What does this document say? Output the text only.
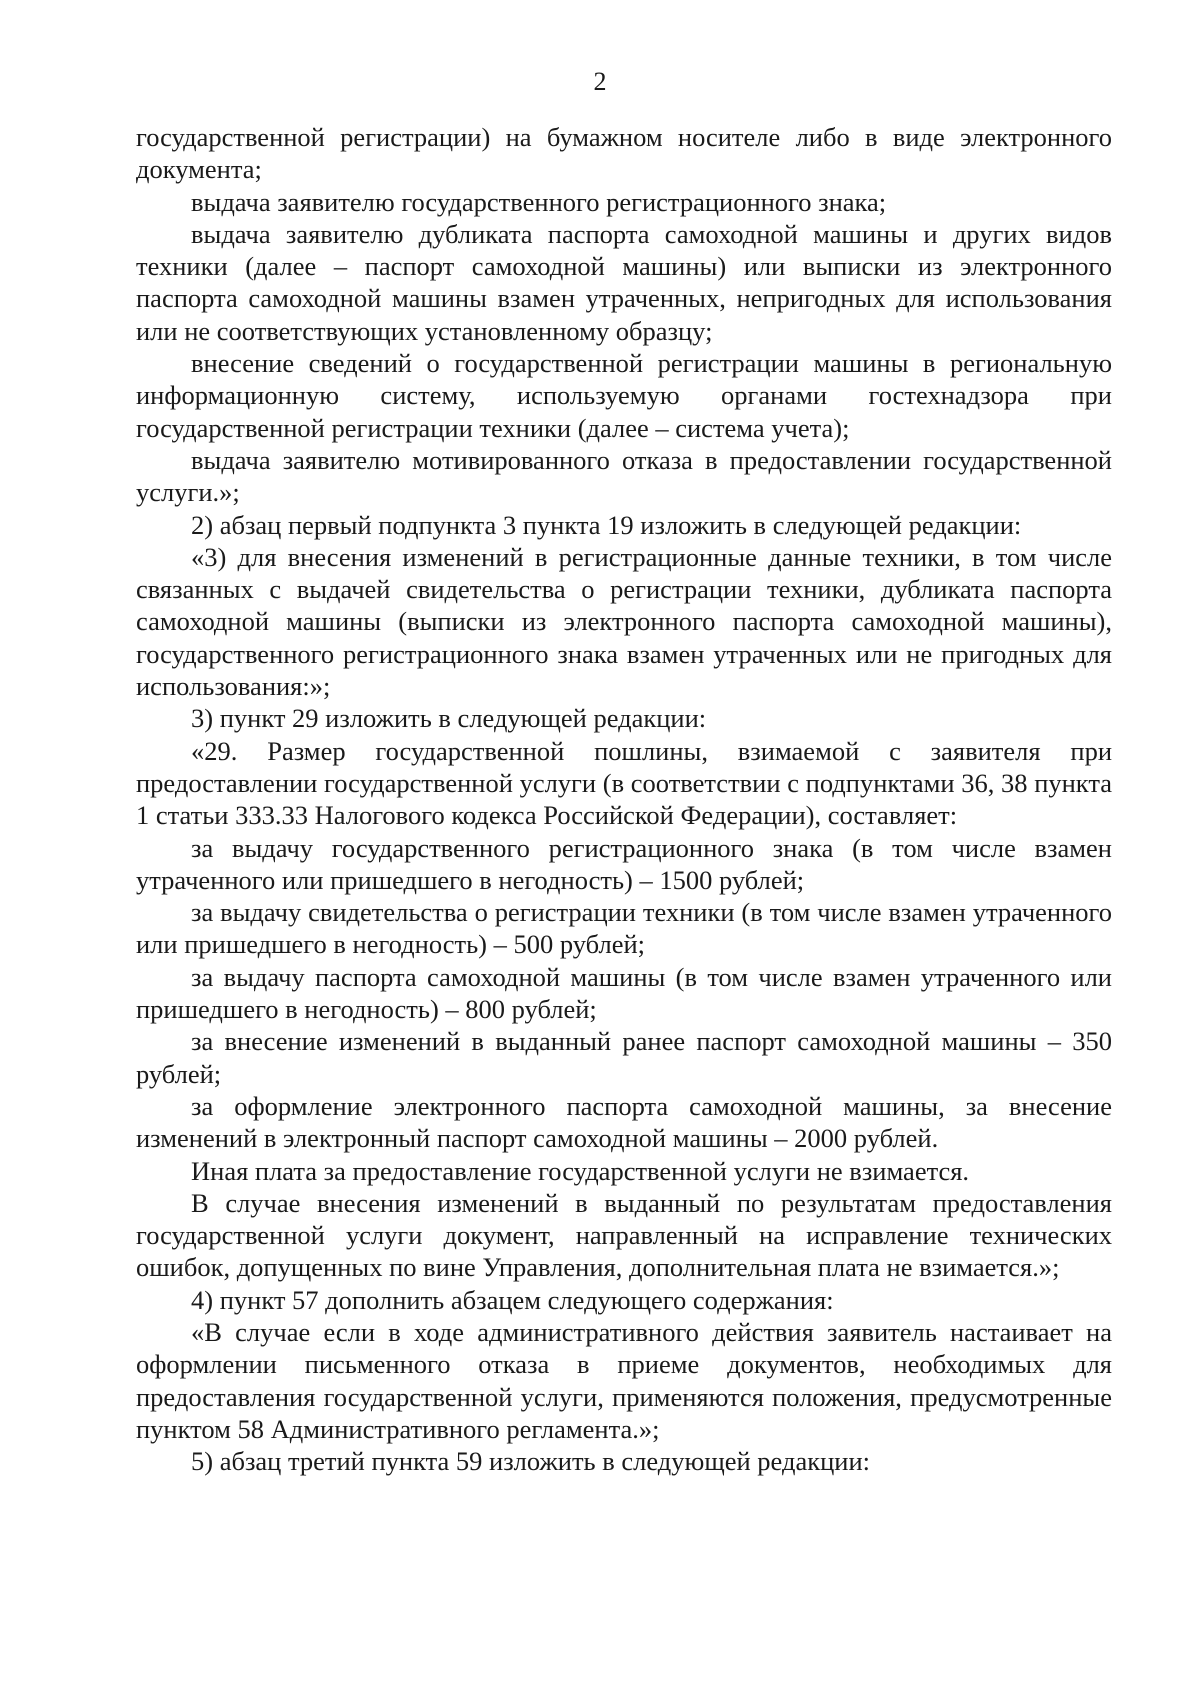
2

государственной регистрации) на бумажном носителе либо в виде электронного документа;

выдача заявителю государственного регистрационного знака;

выдача заявителю дубликата паспорта самоходной машины и других видов техники (далее – паспорт самоходной машины) или выписки из электронного паспорта самоходной машины взамен утраченных, непригодных для использования или не соответствующих установленному образцу;

внесение сведений о государственной регистрации машины в региональную информационную систему, используемую органами гостехнадзора при государственной регистрации техники (далее – система учета);

выдача заявителю мотивированного отказа в предоставлении государственной услуги.»;

2) абзац первый подпункта 3 пункта 19 изложить в следующей редакции:

«3) для внесения изменений в регистрационные данные техники, в том числе связанных с выдачей свидетельства о регистрации техники, дубликата паспорта самоходной машины (выписки из электронного паспорта самоходной машины), государственного регистрационного знака взамен утраченных или не пригодных для использования:»;

3) пункт 29 изложить в следующей редакции:

«29. Размер государственной пошлины, взимаемой с заявителя при предоставлении государственной услуги (в соответствии с подпунктами 36, 38 пункта 1 статьи 333.33 Налогового кодекса Российской Федерации), составляет:

за выдачу государственного регистрационного знака (в том числе взамен утраченного или пришедшего в негодность) – 1500 рублей;

за выдачу свидетельства о регистрации техники (в том числе взамен утраченного или пришедшего в негодность) – 500 рублей;

за выдачу паспорта самоходной машины (в том числе взамен утраченного или пришедшего в негодность) – 800 рублей;

за внесение изменений в выданный ранее паспорт самоходной машины – 350 рублей;

за оформление электронного паспорта самоходной машины, за внесение изменений в электронный паспорт самоходной машины – 2000 рублей.

Иная плата за предоставление государственной услуги не взимается.

В случае внесения изменений в выданный по результатам предоставления государственной услуги документ, направленный на исправление технических ошибок, допущенных по вине Управления, дополнительная плата не взимается.»;

4) пункт 57 дополнить абзацем следующего содержания:

«В случае если в ходе административного действия заявитель настаивает на оформлении письменного отказа в приеме документов, необходимых для предоставления государственной услуги, применяются положения, предусмотренные пунктом 58 Административного регламента.»;

5) абзац третий пункта 59 изложить в следующей редакции:
